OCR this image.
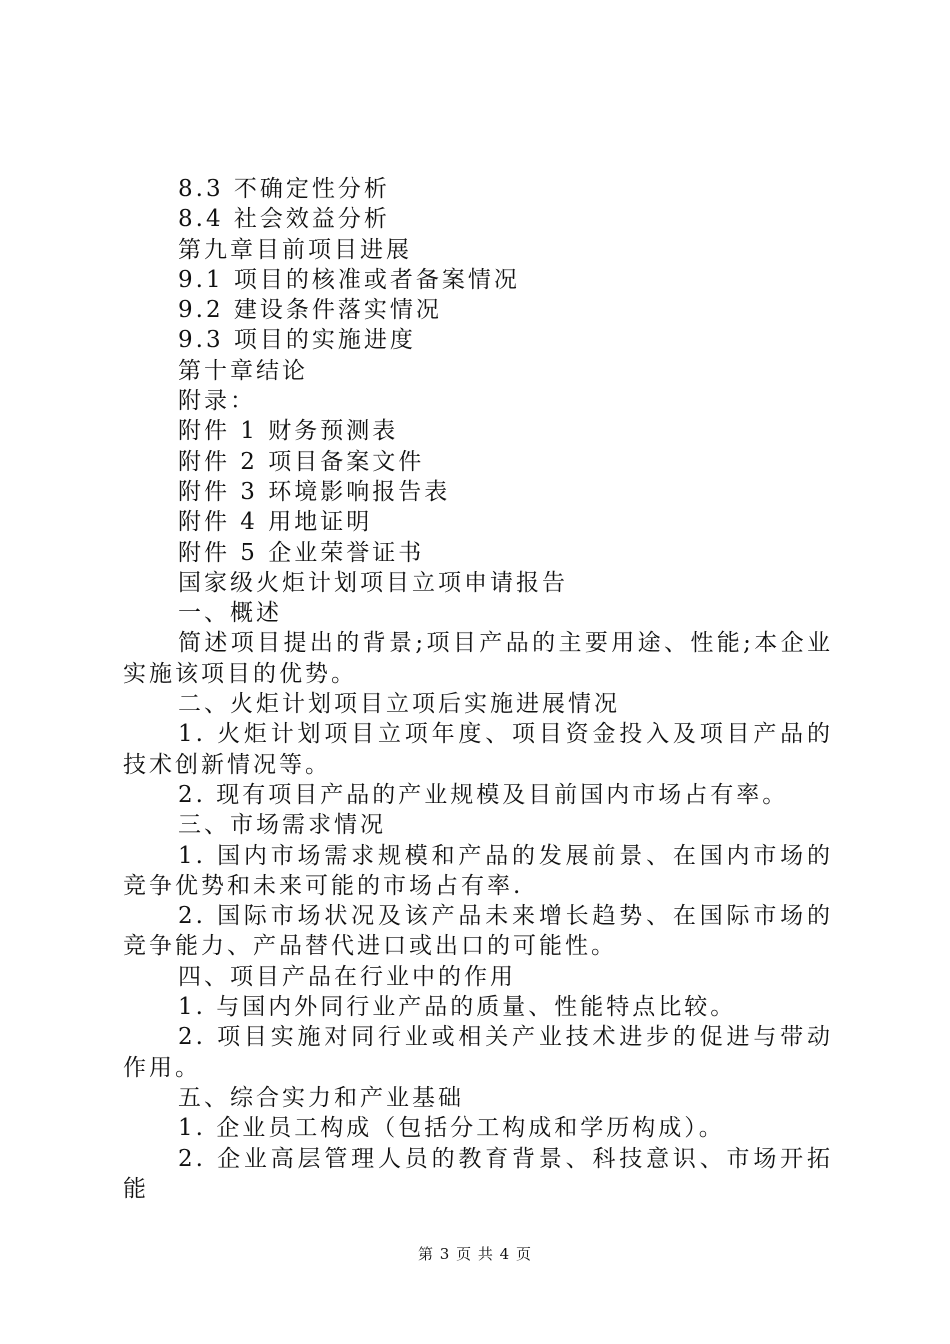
8.3 不确定性分析
8.4 社会效益分析
第九章目前项目进展
9.1 项目的核准或者备案情况
9.2 建设条件落实情况
9.3 项目的实施进度
第十章结论
附录：
附件 1 财务预测表
附件 2 项目备案文件
附件 3 环境影响报告表
附件 4 用地证明
附件 5 企业荣誉证书
国家级火炬计划项目立项申请报告
一、概述

简述项目提出的背景;项目产品的主要用途、性能;本企业实施该项目的优势。

二、火炬计划项目立项后实施进展情况

1. 火炬计划项目立项年度、项目资金投入及项目产品的技术创新情况等。

2. 现有项目产品的产业规模及目前国内市场占有率。

三、市场需求情况

1. 国内市场需求规模和产品的发展前景、在国内市场的竞争优势和未来可能的市场占有率.

2. 国际市场状况及该产品未来增长趋势、在国际市场的竞争能力、产品替代进口或出口的可能性。

四、项目产品在行业中的作用

1. 与国内外同行业产品的质量、性能特点比较。

2. 项目实施对同行业或相关产业技术进步的促进与带动作用。

五、综合实力和产业基础

1. 企业员工构成（包括分工构成和学历构成）。

2. 企业高层管理人员的教育背景、科技意识、市场开拓能

第 3 页 共 4 页
